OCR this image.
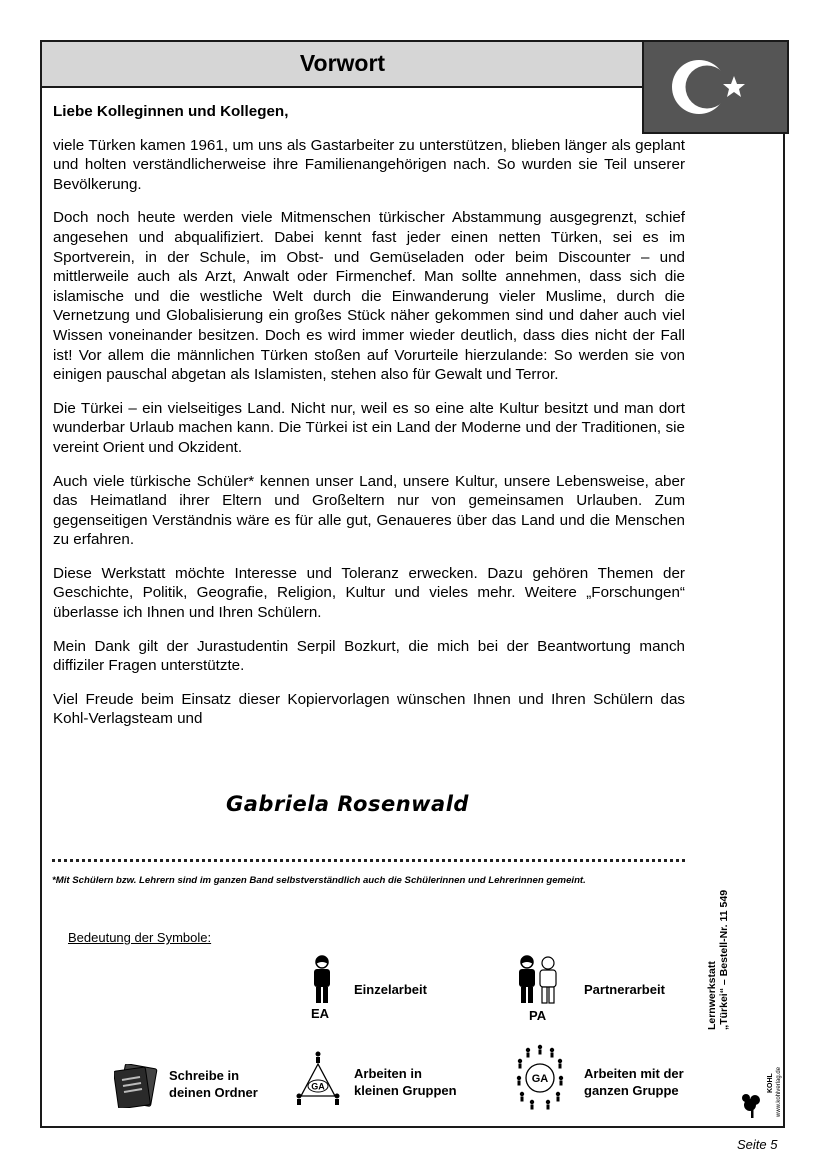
Vorwort

Liebe Kolleginnen und Kollegen,

viele Türken kamen 1961, um uns als Gastarbeiter zu unterstützen, blieben länger als geplant und holten verständlicherweise ihre Familienangehörigen nach. So wurden sie Teil unserer Bevölkerung.

Doch noch heute werden viele Mitmenschen türkischer Abstammung ausgegrenzt, schief angesehen und abqualifiziert. Dabei kennt fast jeder einen netten Türken, sei es im Sportverein, in der Schule, im Obst- und Gemüseladen oder beim Discounter – und mittlerweile auch als Arzt, Anwalt oder Firmenchef. Man sollte annehmen, dass sich die islamische und die westliche Welt durch die Einwanderung vieler Muslime, durch die Vernetzung und Globalisierung ein großes Stück näher gekommen sind und daher auch viel Wissen voneinander besitzen. Doch es wird immer wieder deutlich, dass dies nicht der Fall ist! Vor allem die männlichen Türken stoßen auf Vorurteile hierzulande: So werden sie von einigen pauschal abgetan als Islamisten, stehen also für Gewalt und Terror.

Die Türkei – ein vielseitiges Land. Nicht nur, weil es so eine alte Kultur besitzt und man dort wunderbar Urlaub machen kann. Die Türkei ist ein Land der Moderne und der Traditionen, sie vereint Orient und Okzident.

Auch viele türkische Schüler* kennen unser Land, unsere Kultur, unsere Lebensweise, aber das Heimatland ihrer Eltern und Großeltern nur von gemeinsamen Urlauben. Zum gegenseitigen Verständnis wäre es für alle gut, Genaueres über das Land und die Menschen zu erfahren.

Diese Werkstatt möchte Interesse und Toleranz erwecken. Dazu gehören Themen der Geschichte, Politik, Geografie, Religion, Kultur und vieles mehr. Weitere „Forschungen“ überlasse ich Ihnen und Ihren Schülern.

Mein Dank gilt der Jurastudentin Serpil Bozkurt, die mich bei der Beantwortung manch diffiziler Fragen unterstützte.

Viel Freude beim Einsatz dieser Kopiervorlagen wünschen Ihnen und Ihren Schülern das Kohl-Verlagsteam und

Gabriela Rosenwald
*Mit Schülern bzw. Lehrern sind im ganzen Band selbstverständlich auch die Schülerinnen und Lehrerinnen gemeint.
Bedeutung der Symbole:
EA
Einzelarbeit
PA
Partnerarbeit
Schreibe in
deinen Ordner	GA
Arbeiten in
kleinen Gruppen
GA	Arbeiten mit der
ganzen Gruppe
Lernwerkstatt „Türkei“ – Bestell-Nr. 11 549
KOHL www.kohlverlag.de
Seite 5
